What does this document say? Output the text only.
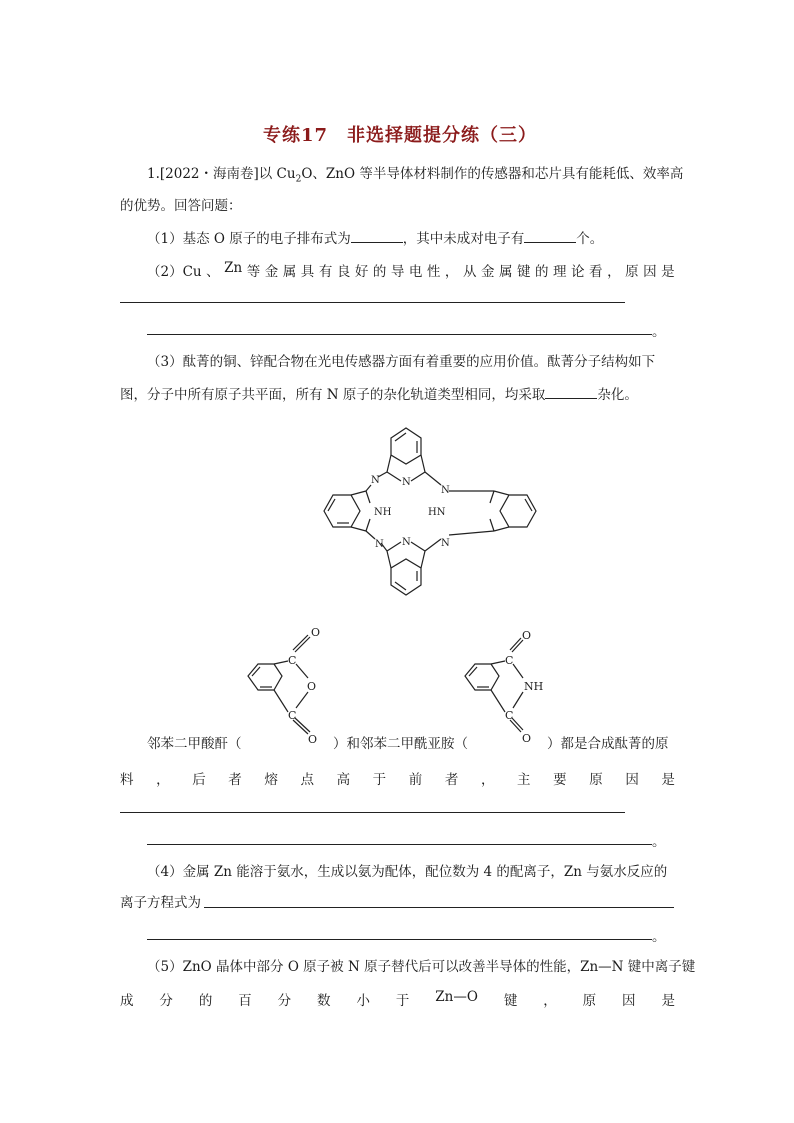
专练17　非选择题提分练（三）
1.[2022・海南卷]以 $Cu_2O$、ZnO 等半导体材料制作的传感器和芯片具有能耗低、效率高
的优势。回答问题：
（1）基态 O 原子的电子排布式为	，其中未成对电子有	个。
（2）Cu 、 Zn 等 金 属 具 有 良 好 的 导 电 性 ， 从 金 属 键 的 理 论 看 ， 原 因 是
。
（3）酞菁的铜、锌配合物在光电传感器方面有着重要的应用价值。酞菁分子结构如下
图，分子中所有原子共平面，所有 N 原子的杂化轨道类型相同，均采取	杂化。
N N
N
N N	N
NH	HN
O
C
O
C
O
O
C
NH
C
O
邻苯二甲酸酐（	）和邻苯二甲酰亚胺（	）都是合成酞菁的原
料 ， 后 者 熔 点 高 于 前 者 ， 主 要 原 因 是
。
（4）金属 Zn 能溶于氨水，生成以氨为配体，配位数为 4 的配离子，Zn 与氨水反应的
离子方程式为
。
（5）ZnO 晶体中部分 O 原子被 N 原子替代后可以改善半导体的性能，Zn—N 键中离子键
成 分 的 百 分 数 小 于 Zn—O 键 ， 原 因 是
